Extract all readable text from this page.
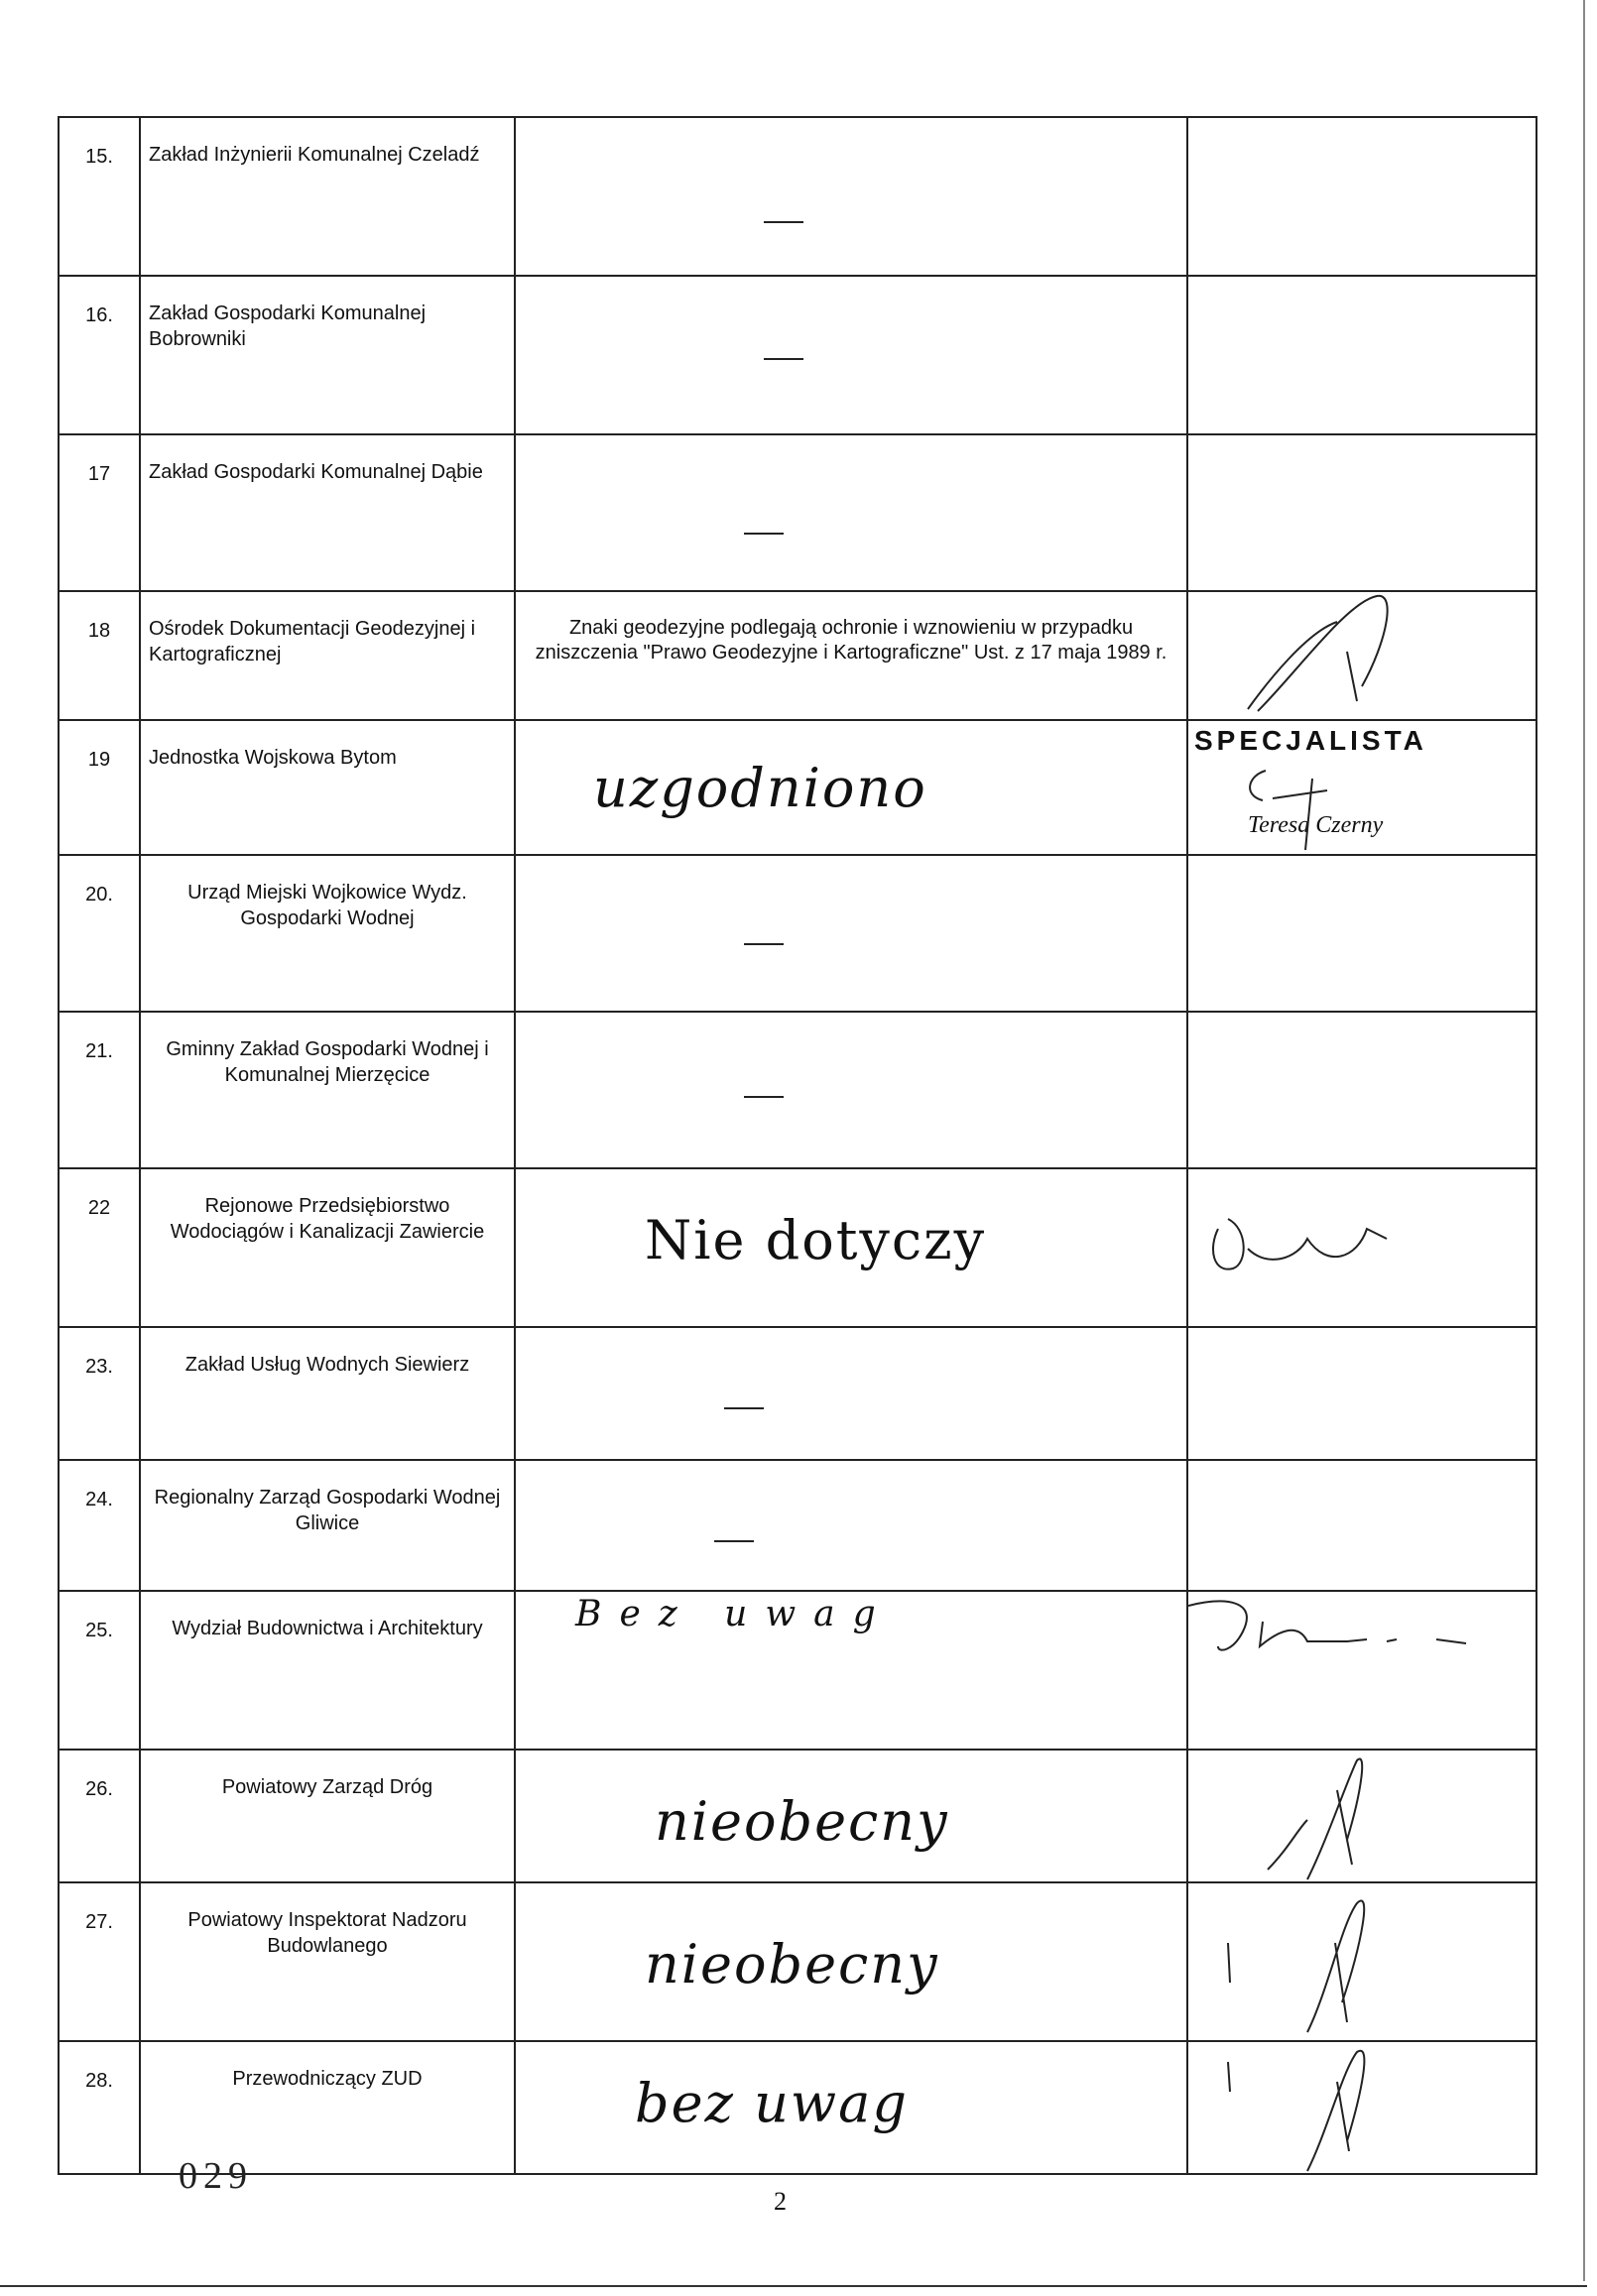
15.	Zakład Inżynierii Komunalnej Czeladź	

16.	Zakład Gospodarki Komunalnej Bobrowniki	

17	Zakład Gospodarki Komunalnej Dąbie	

18	Ośrodek Dokumentacji Geodezyjnej i Kartograficznej	Znaki geodezyjne podlegają ochronie i wznowieniu w przypadku zniszczenia "Prawo Geodezyjne i Kartograficzne" Ust. z 17 maja 1989 r.

19	Jednostka Wojskowa Bytom	uzgodniono	SPECJALISTA
Teresa Czerny

20.	Urząd Miejski Wojkowice Wydz. Gospodarki Wodnej	

21.	Gminny Zakład Gospodarki Wodnej i Komunalnej Mierzęcice	

22	Rejonowe Przedsiębiorstwo Wodociągów i Kanalizacji Zawiercie	Nie dotyczy

23.	Zakład Usług Wodnych Siewierz	

24.	Regionalny Zarząd Gospodarki Wodnej Gliwice	

25.	Wydział Budownictwa i Architektury	Bez uwag

26.	Powiatowy Zarząd Dróg	nieobecny

27.	Powiatowy Inspektorat Nadzoru Budowlanego	nieobecny

28.	Przewodniczący ZUD	bez uwag

029
2
